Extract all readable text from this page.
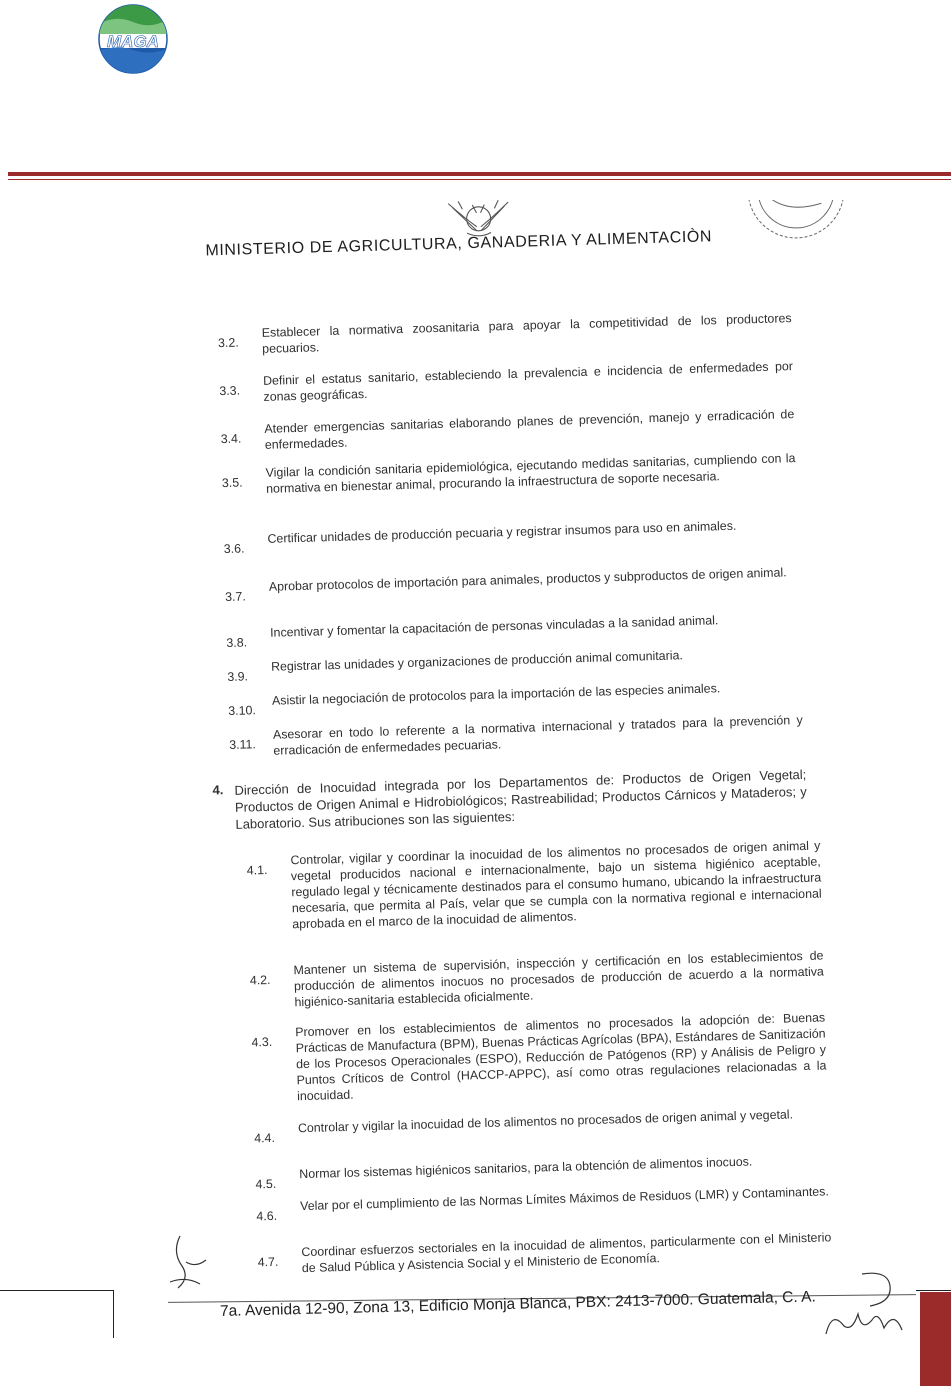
MAGA
MINISTERIO DE AGRICULTURA, GANADERIA Y ALIMENTACIÒN
3.2.
Establecer la normativa zoosanitaria para apoyar la competitividad de los productores pecuarios.
3.3.
Definir el estatus sanitario, estableciendo la prevalencia e incidencia de enfermedades por zonas geográficas.
3.4.
Atender emergencias sanitarias elaborando planes de prevención, manejo y erradicación de enfermedades.
3.5.
Vigilar la condición sanitaria epidemiológica, ejecutando medidas sanitarias, cumpliendo con la normativa en bienestar animal, procurando la infraestructura de soporte necesaria.
3.6.
Certificar unidades de producción pecuaria y registrar insumos para uso en animales.
3.7.
Aprobar protocolos de importación para animales, productos y subproductos de origen animal.
3.8.
Incentivar y fomentar la capacitación de personas vinculadas a la sanidad animal.
3.9.
Registrar las unidades y organizaciones de producción animal comunitaria.
3.10.
Asistir la negociación de protocolos para la importación de las especies animales.
3.11.
Asesorar en todo lo referente a la normativa internacional y tratados para la prevención y erradicación de enfermedades pecuarias.
4. Dirección de Inocuidad integrada por los Departamentos de: Productos de Origen Vegetal; Productos de Origen Animal e Hidrobiológicos; Rastreabilidad; Productos Cárnicos y Mataderos; y Laboratorio. Sus atribuciones son las siguientes:
4.1.
Controlar, vigilar y coordinar la inocuidad de los alimentos no procesados de origen animal y vegetal producidos nacional e internacionalmente, bajo un sistema higiénico aceptable, regulado legal y técnicamente destinados para el consumo humano, ubicando la infraestructura necesaria, que permita al País, velar que se cumpla con la normativa regional e internacional aprobada en el marco de la inocuidad de alimentos.
4.2.
Mantener un sistema de supervisión, inspección y certificación en los establecimientos de producción de alimentos inocuos no procesados de producción de acuerdo a la normativa higiénico-sanitaria establecida oficialmente.
4.3.
Promover en los establecimientos de alimentos no procesados la adopción de: Buenas Prácticas de Manufactura (BPM), Buenas Prácticas Agrícolas (BPA), Estándares de Sanitización de los Procesos Operacionales (ESPO), Reducción de Patógenos (RP) y Análisis de Peligro y Puntos Críticos de Control (HACCP-APPC), así como otras regulaciones relacionadas a la inocuidad.
4.4.
Controlar y vigilar la inocuidad de los alimentos no procesados de origen animal y vegetal.
4.5.
Normar los sistemas higiénicos sanitarios, para la obtención de alimentos inocuos.
4.6.
Velar por el cumplimiento de las Normas Límites Máximos de Residuos (LMR) y Contaminantes.
4.7.
Coordinar esfuerzos sectoriales en la inocuidad de alimentos, particularmente con el Ministerio de Salud Pública y Asistencia Social y el Ministerio de Economía.
7a. Avenida 12-90, Zona 13, Edificio Monja Blanca, PBX: 2413-7000. Guatemala, C. A.
